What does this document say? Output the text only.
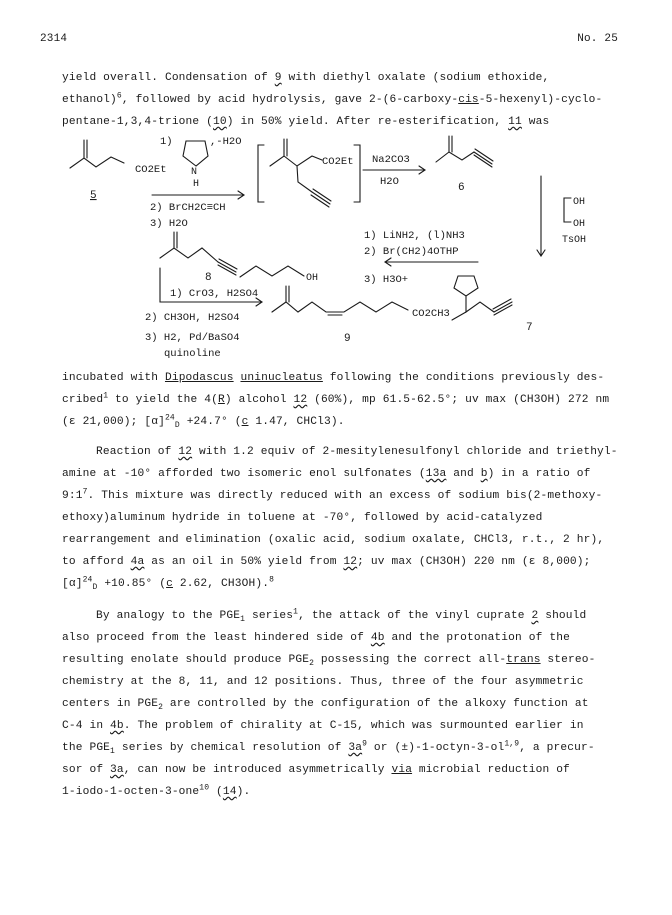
2314	No. 25
yield overall. Condensation of 9 with diethyl oxalate (sodium ethoxide,
ethanol)$^6$, followed by acid hydrolysis, gave 2-(6-carboxy-cis-5-hexenyl)-cyclo-
pentane-1,3,4-trione (10) in 50% yield. After re-esterification, 11 was
CO2Et
5
1)	,-H2O
N
H
2) BrCH2C≡CH
3) H2O
CO2Et Na2CO3
H2O	6
OH
OH
TsOH
7
1) LiNH2, (l)NH3
2) Br(CH2)4OTHP
3) H3O+
OH
8
1) CrO3, H2SO4
2) CH3OH, H2SO4
3) H2, Pd/BaSO4
quinoline
CO2CH3
9
incubated with Dipodascus uninucleatus following the conditions previously des-
cribed$^1$ to yield the 4(R) alcohol 12 (60%), mp 61.5-62.5°; uv max (CH3OH) 272 nm
(ε 21,000); $[\alpha]^{24}_D +24.7^\circ$ (c 1.47, CHCl3).
Reaction of 12 with 1.2 equiv of 2-mesitylenesulfonyl chloride and triethyl-
amine at -10° afforded two isomeric enol sulfonates (13a and b) in a ratio of
$9:1^7$. This mixture was directly reduced with an excess of sodium bis(2-methoxy-
ethoxy)aluminum hydride in toluene at -70°, followed by acid-catalyzed
rearrangement and elimination (oxalic acid, sodium oxalate, CHCl3, r.t., 2 hr),
to afford 4a as an oil in 50% yield from 12; uv max (CH3OH) 220 nm (ε 8,000);
$[\alpha]^{24}_D +10.85^\circ$ (c 2.62, CH3OH).$^8$
By analogy to the $PGE_1$ series$^1$, the attack of the vinyl cuprate 2 should
also proceed from the least hindered side of 4b and the protonation of the
resulting enolate should produce $PGE_2$ possessing the correct all-trans stereo-
chemistry at the 8, 11, and 12 positions. Thus, three of the four asymmetric
centers in $PGE_2$ are controlled by the configuration of the alkoxy function at
C-4 in 4b. The problem of chirality at C-15, which was surmounted earlier in
the $PGE_1$ series by chemical resolution of $3a^9$ or (±)-1-octyn-3-ol$^{1,9}$, a precur-
sor of 3a, can now be introduced asymmetrically via microbial reduction of
1-iodo-1-octen-3-one$^{10}$ (14).
